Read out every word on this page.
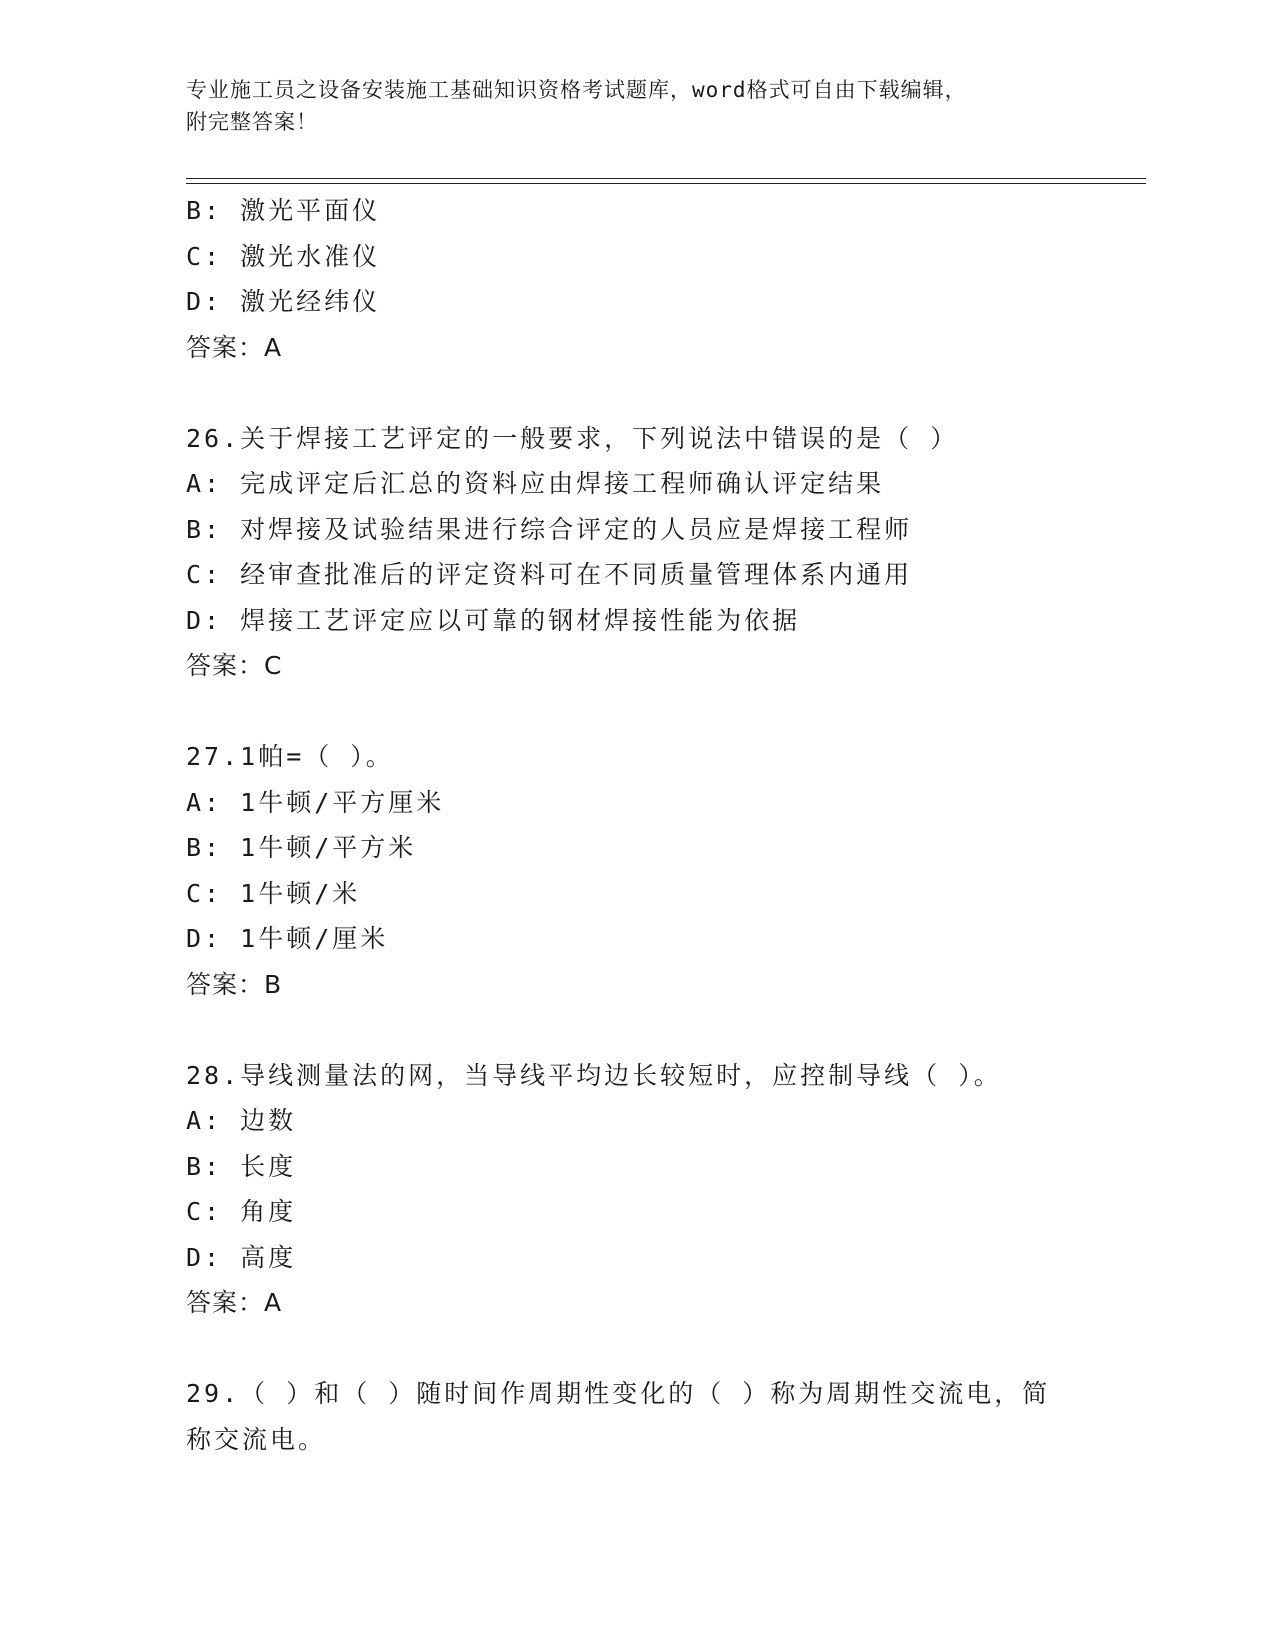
专业施工员之设备安装施工基础知识资格考试题库，word格式可自由下载编辑，
附完整答案！
B: 激光平面仪
C: 激光水准仪
D: 激光经纬仪
答案：A
26.关于焊接工艺评定的一般要求，下列说法中错误的是（ ）
A: 完成评定后汇总的资料应由焊接工程师确认评定结果
B: 对焊接及试验结果进行综合评定的人员应是焊接工程师
C: 经审查批准后的评定资料可在不同质量管理体系内通用
D: 焊接工艺评定应以可靠的钢材焊接性能为依据
答案：C
27.1帕=（ ）。
A: 1牛顿/平方厘米
B: 1牛顿/平方米
C: 1牛顿/米
D: 1牛顿/厘米
答案：B
28.导线测量法的网，当导线平均边长较短时，应控制导线（ ）。
A: 边数
B: 长度
C: 角度
D: 高度
答案：A
29.（ ）和（ ）随时间作周期性变化的（ ）称为周期性交流电，简
称交流电。
